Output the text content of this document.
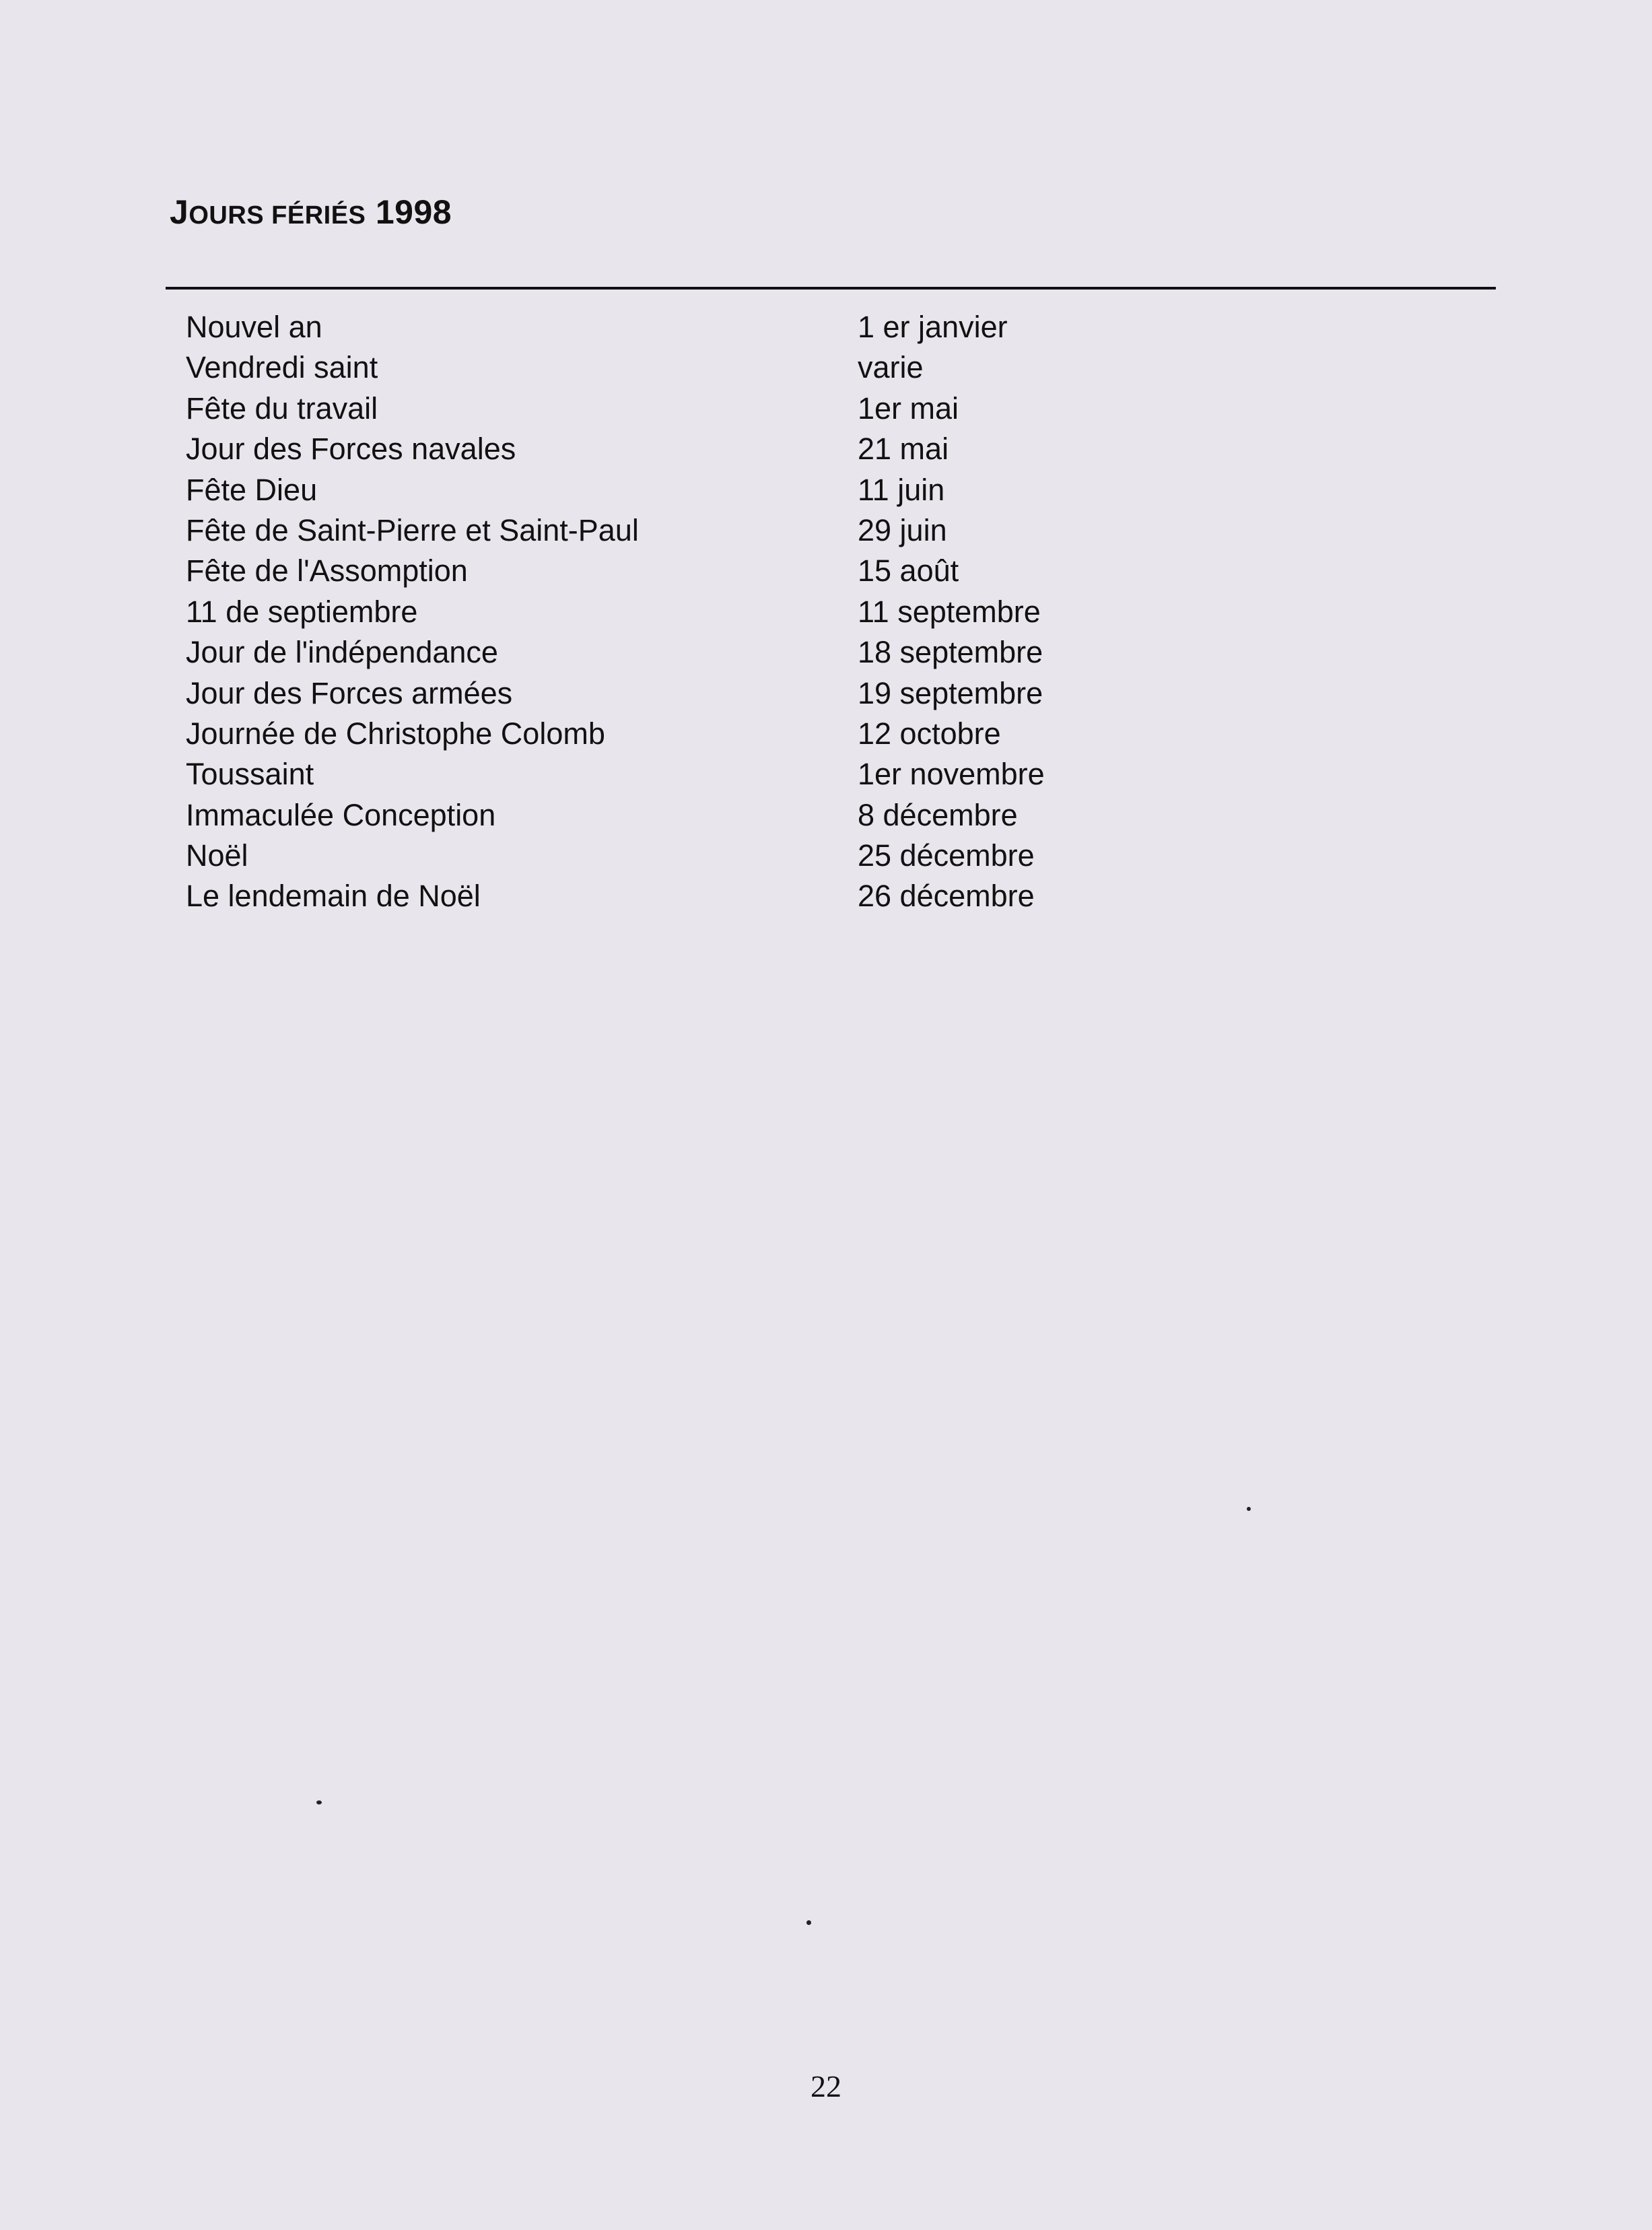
JOURS FÉRIÉS 1998
Nouvel an	1 er janvier
Vendredi saint	varie
Fête du travail	1er mai
Jour des Forces navales	21 mai
Fête Dieu	11 juin
Fête de Saint-Pierre et Saint-Paul	29 juin
Fête de l'Assomption	15 août
11 de septiembre	11 septembre
Jour de l'indépendance	18 septembre
Jour des Forces armées	19 septembre
Journée de Christophe Colomb	12 octobre
Toussaint	1er novembre
Immaculée Conception	8 décembre
Noël	25 décembre
Le lendemain de Noël	26 décembre
22
